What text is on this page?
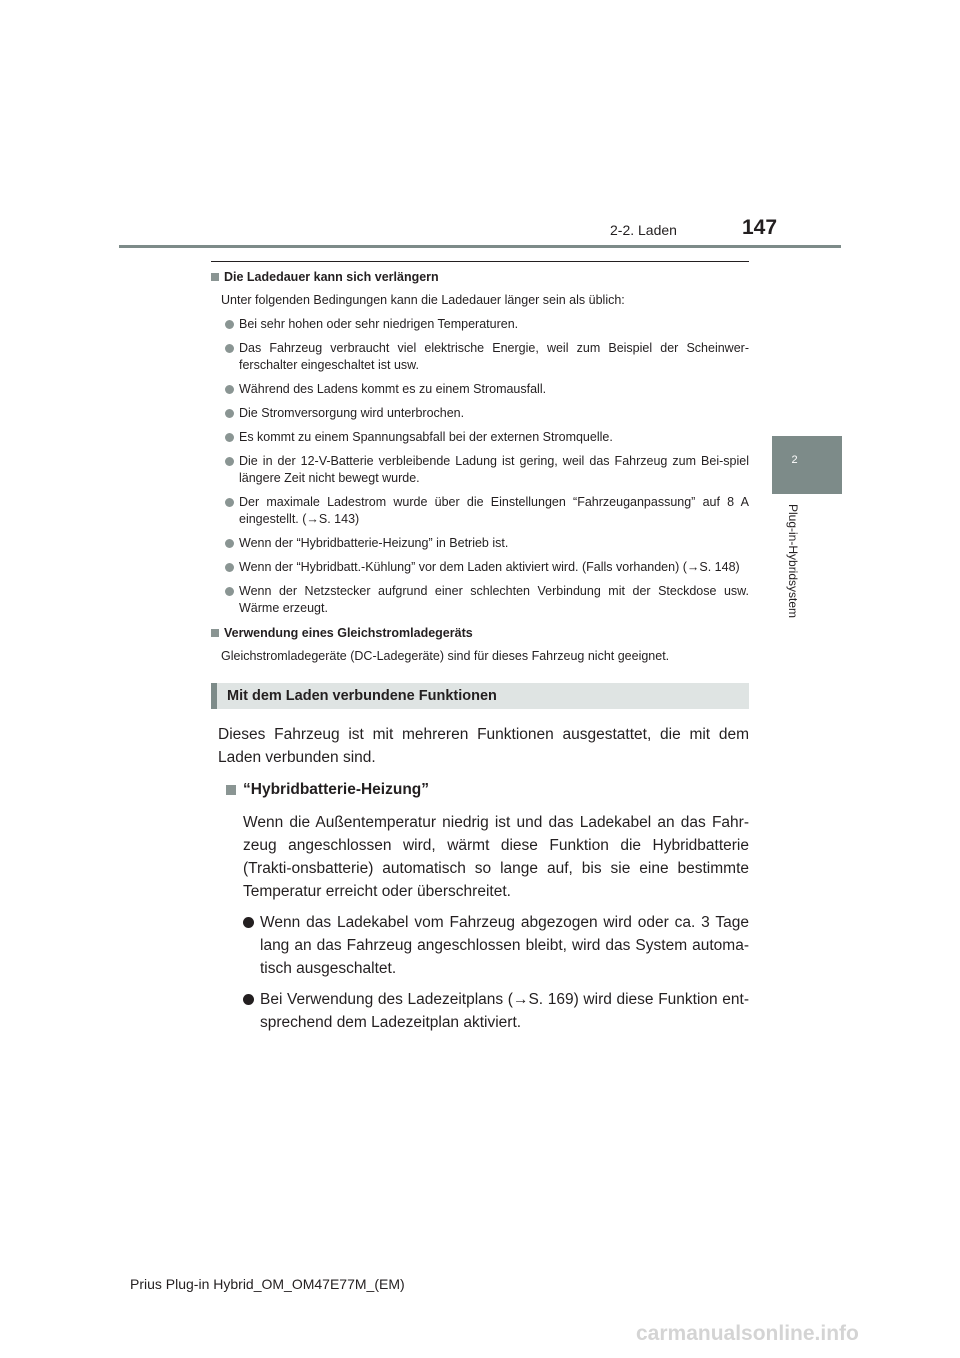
2-2. Laden	147
2
Plug-in-Hybridsystem
Die Ladedauer kann sich verlängern

Unter folgenden Bedingungen kann die Ladedauer länger sein als üblich:

Bei sehr hohen oder sehr niedrigen Temperaturen.
Das Fahrzeug verbraucht viel elektrische Energie, weil zum Beispiel der Scheinwer-ferschalter eingeschaltet ist usw.
Während des Ladens kommt es zu einem Stromausfall.
Die Stromversorgung wird unterbrochen.
Es kommt zu einem Spannungsabfall bei der externen Stromquelle.
Die in der 12-V-Batterie verbleibende Ladung ist gering, weil das Fahrzeug zum Bei-spiel längere Zeit nicht bewegt wurde.
Der maximale Ladestrom wurde über die Einstellungen “Fahrzeuganpassung” auf 8 A eingestellt. (→S. 143)
Wenn der “Hybridbatterie-Heizung” in Betrieb ist.
Wenn der “Hybridbatt.-Kühlung” vor dem Laden aktiviert wird. (Falls vorhanden) (→S. 148)
Wenn der Netzstecker aufgrund einer schlechten Verbindung mit der Steckdose usw. Wärme erzeugt.
Verwendung eines Gleichstromladegeräts

Gleichstromladegeräte (DC-Ladegeräte) sind für dieses Fahrzeug nicht geeignet.

Mit dem Laden verbundene Funktionen

Dieses Fahrzeug ist mit mehreren Funktionen ausgestattet, die mit dem Laden verbunden sind.

“Hybridbatterie-Heizung”

Wenn die Außentemperatur niedrig ist und das Ladekabel an das Fahr-zeug angeschlossen wird, wärmt diese Funktion die Hybridbatterie (Trakti-onsbatterie) automatisch so lange auf, bis sie eine bestimmte Temperatur erreicht oder überschreitet.

Wenn das Ladekabel vom Fahrzeug abgezogen wird oder ca. 3 Tage lang an das Fahrzeug angeschlossen bleibt, wird das System automa-tisch ausgeschaltet.
Bei Verwendung des Ladezeitplans (→S. 169) wird diese Funktion ent-sprechend dem Ladezeitplan aktiviert.
Prius Plug-in Hybrid_OM_OM47E77M_(EM)
carmanualsonline.info
